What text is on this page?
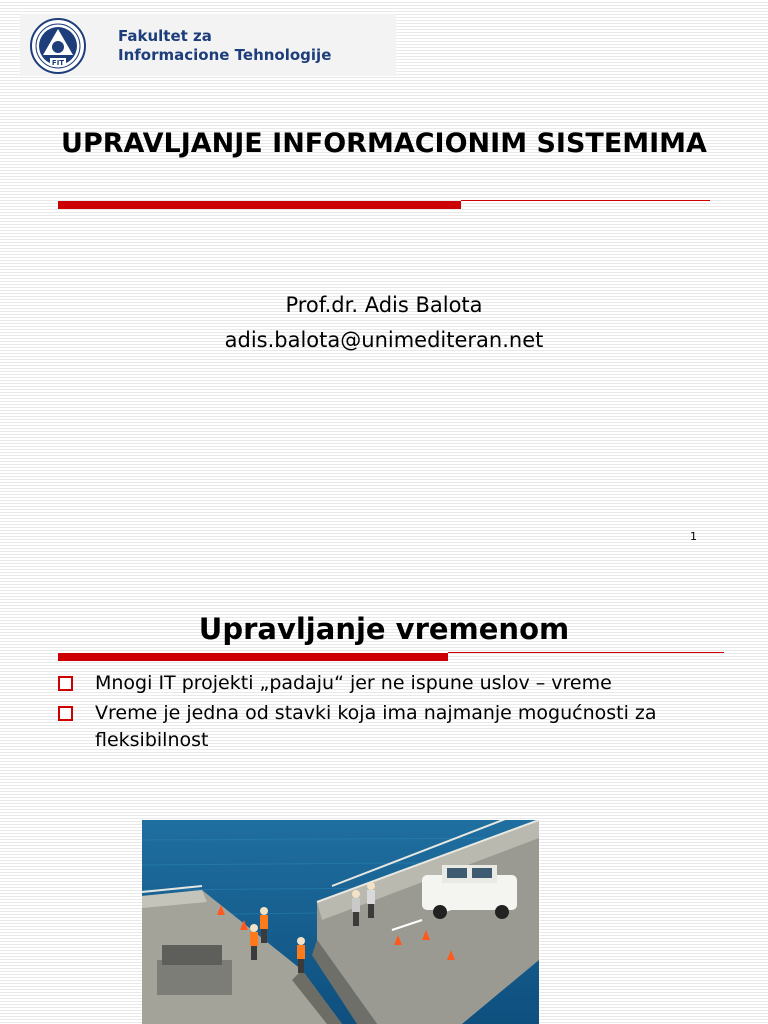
FIT
Fakultet za
Informacione Tehnologije
UPRAVLJANJE INFORMACIONIM SISTEMIMA
Prof.dr. Adis Balota
adis.balota@unimediteran.net
1
Upravljanje vremenom
Mnogi IT projekti „padaju“ jer ne ispune uslov – vreme
Vreme je jedna od stavki koja ima najmanje mogućnosti za fleksibilnost
